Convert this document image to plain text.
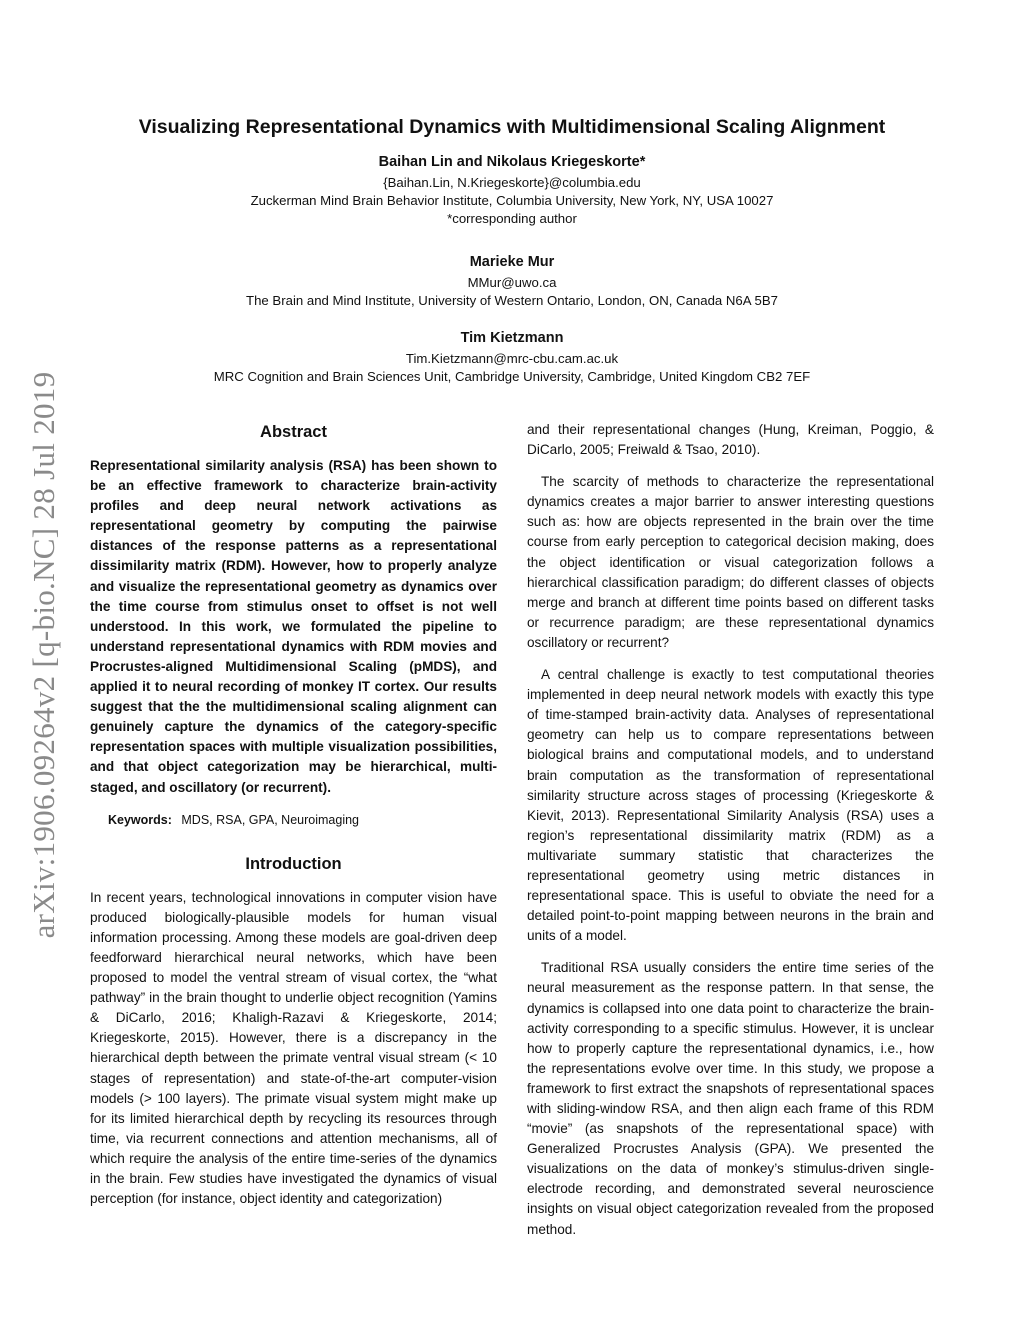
arXiv:1906.09264v2 [q-bio.NC] 28 Jul 2019
Visualizing Representational Dynamics with Multidimensional Scaling Alignment
Baihan Lin and Nikolaus Kriegeskorte*
{Baihan.Lin, N.Kriegeskorte}@columbia.edu
Zuckerman Mind Brain Behavior Institute, Columbia University, New York, NY, USA 10027
*corresponding author
Marieke Mur
MMur@uwo.ca
The Brain and Mind Institute, University of Western Ontario, London, ON, Canada N6A 5B7
Tim Kietzmann
Tim.Kietzmann@mrc-cbu.cam.ac.uk
MRC Cognition and Brain Sciences Unit, Cambridge University, Cambridge, United Kingdom CB2 7EF
Abstract

Representational similarity analysis (RSA) has been shown to be an effective framework to characterize brain-activity profiles and deep neural network activations as representational geometry by computing the pairwise distances of the response patterns as a representational dissimilarity matrix (RDM). However, how to properly analyze and visualize the representational geometry as dynamics over the time course from stimulus onset to offset is not well understood. In this work, we formulated the pipeline to understand representational dynamics with RDM movies and Procrustes-aligned Multidimensional Scaling (pMDS), and applied it to neural recording of monkey IT cortex. Our results suggest that the the multidimensional scaling alignment can genuinely capture the dynamics of the category-specific representation spaces with multiple visualization possibilities, and that object categorization may be hierarchical, multi-staged, and oscillatory (or recurrent).

Keywords: MDS, RSA, GPA, Neuroimaging
Introduction

In recent years, technological innovations in computer vision have produced biologically-plausible models for human visual information processing. Among these models are goal-driven deep feedforward hierarchical neural networks, which have been proposed to model the ventral stream of visual cortex, the “what pathway” in the brain thought to underlie object recognition (Yamins & DiCarlo, 2016; Khaligh-Razavi & Kriegeskorte, 2014; Kriegeskorte, 2015). However, there is a discrepancy in the hierarchical depth between the primate ventral visual stream (< 10 stages of representation) and state-of-the-art computer-vision models (> 100 layers). The primate visual system might make up for its limited hierarchical depth by recycling its resources through time, via recurrent connections and attention mechanisms, all of which require the analysis of the entire time-series of the dynamics in the brain. Few studies have investigated the dynamics of visual perception (for instance, object identity and categorization)

and their representational changes (Hung, Kreiman, Poggio, & DiCarlo, 2005; Freiwald & Tsao, 2010).

The scarcity of methods to characterize the representational dynamics creates a major barrier to answer interesting questions such as: how are objects represented in the brain over the time course from early perception to categorical decision making, does the object identification or visual categorization follows a hierarchical classification paradigm; do different classes of objects merge and branch at different time points based on different tasks or recurrence paradigm; are these representational dynamics oscillatory or recurrent?

A central challenge is exactly to test computational theories implemented in deep neural network models with exactly this type of time-stamped brain-activity data. Analyses of representational geometry can help us to compare representations between biological brains and computational models, and to understand brain computation as the transformation of representational similarity structure across stages of processing (Kriegeskorte & Kievit, 2013). Representational Similarity Analysis (RSA) uses a region’s representational dissimilarity matrix (RDM) as a multivariate summary statistic that characterizes the representational geometry using metric distances in representational space. This is useful to obviate the need for a detailed point-to-point mapping between neurons in the brain and units of a model.

Traditional RSA usually considers the entire time series of the neural measurement as the response pattern. In that sense, the dynamics is collapsed into one data point to characterize the brain-activity corresponding to a specific stimulus. However, it is unclear how to properly capture the representational dynamics, i.e., how the representations evolve over time. In this study, we propose a framework to first extract the snapshots of representational spaces with sliding-window RSA, and then align each frame of this RDM “movie” (as snapshots of the representational space) with Generalized Procrustes Analysis (GPA). We presented the visualizations on the data of monkey’s stimulus-driven single-electrode recording, and demonstrated several neuroscience insights on visual object categorization revealed from the proposed method.
